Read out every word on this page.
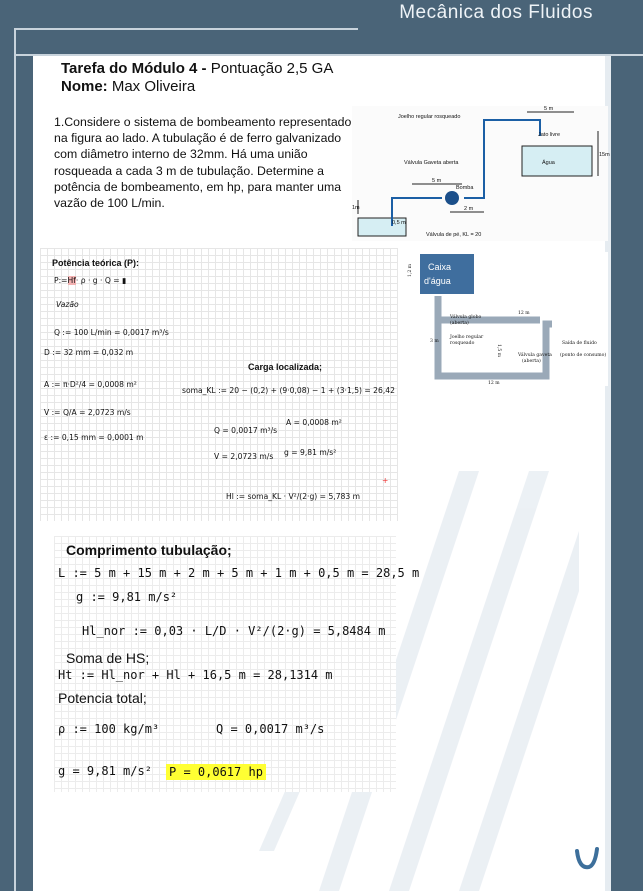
Mecânica dos Fluidos
Tarefa do Módulo 4 - Pontuação 2,5 GA
Nome: Max Oliveira
1.Considere o sistema de bombeamento representado na figura ao lado. A tubulação é de ferro galvanizado com diâmetro interno de 32mm. Há uma união rosqueada a cada 3 m de tubulação. Determine a potência de bombeamento, em hp, para manter uma vazão de 100 L/min.
Joelho regular rosqueado
5 m
Jato livre
Válvula Gaveta aberta	Água
15m
5 m
Bomba
1m	2 m
0,5 m
Válvula de pé, KL = 20
Caixa
d'água
1,2 m
12 m
Válvula globo
(aberta)
Joelho regular
rosqueado
3 m
1,5 m	Válvula gaveta
(aberta)
Saída de fluido
(ponto de consumo)
12 m
Potência teórica (P):
P:=Hf· ρ · g · Q = ▮
Vazão
Q := 100 L/min = 0,0017 m³/s
D := 32 mm = 0,032 m
A := π·D²/4 = 0,0008 m²
V := Q/A = 2,0723 m/s
ε := 0,15 mm = 0,0001 m
Carga localizada;
soma_KL := 20 − (0,2) + (9·0,08) − 1 + (3·1,5) = 26,42
Q = 0,0017 m³/s
A = 0,0008 m²
V = 2,0723 m/s g = 9,81 m/s²
Hl := soma_KL · V²/(2·g) = 5,783 m
+
Comprimento tubulação;
L := 5 m + 15 m + 2 m + 5 m + 1 m + 0,5 m = 28,5 m
g := 9,81 m/s²
Hl_nor := 0,03 · L/D · V²/(2·g) = 5,8484 m
Soma de HS;
Ht := Hl_nor + Hl + 16,5 m = 28,1314 m
Potencia total;
ρ := 100 kg/m³	Q = 0,0017 m³/s
g = 9,81 m/s² P = 0,0617 hp
